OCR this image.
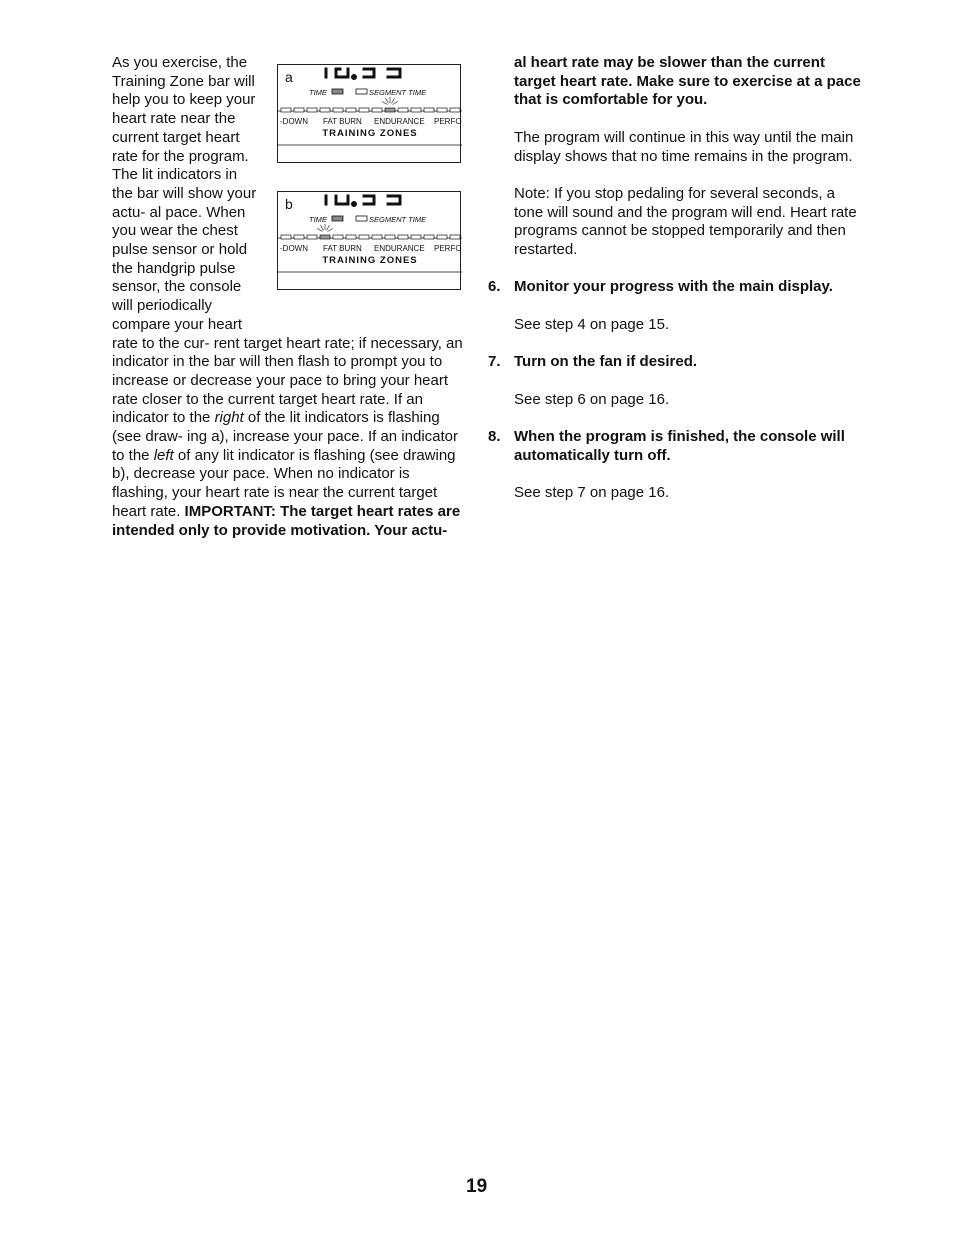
a
TIME	SEGMENT TIME
-DOWN FAT BURN ENDURANCE PERFO
TRAINING ZONES
b
TIME	SEGMENT TIME
-DOWN FAT BURN ENDURANCE PERFO
TRAINING ZONES

As you exercise, the Training Zone bar will help you to keep your heart rate near the current target heart rate for the program. The lit indicators in the bar will show your actu- al pace. When you wear the chest pulse sensor or hold the handgrip pulse sensor, the console will periodically compare your heart rate to the cur- rent target heart rate; if necessary, an indicator in the bar will then flash to prompt you to increase or decrease your pace to bring your heart rate closer to the current target heart rate. If an indicator to the right of the lit indicators is flashing (see draw- ing a), increase your pace. If an indicator to the left of any lit indicator is flashing (see drawing b), decrease your pace. When no indicator is flashing, your heart rate is near the current target heart rate. IMPORTANT: The target heart rates are intended only to provide motivation. Your actu-

al heart rate may be slower than the current target heart rate. Make sure to exercise at a pace that is comfortable for you.

The program will continue in this way until the main display shows that no time remains in the program.

Note: If you stop pedaling for several seconds, a tone will sound and the program will end. Heart rate programs cannot be stopped temporarily and then restarted.

6. Monitor your progress with the main display.

See step 4 on page 15.

7. Turn on the fan if desired.

See step 6 on page 16.

8. When the program is finished, the console will automatically turn off.

See step 7 on page 16.

19
